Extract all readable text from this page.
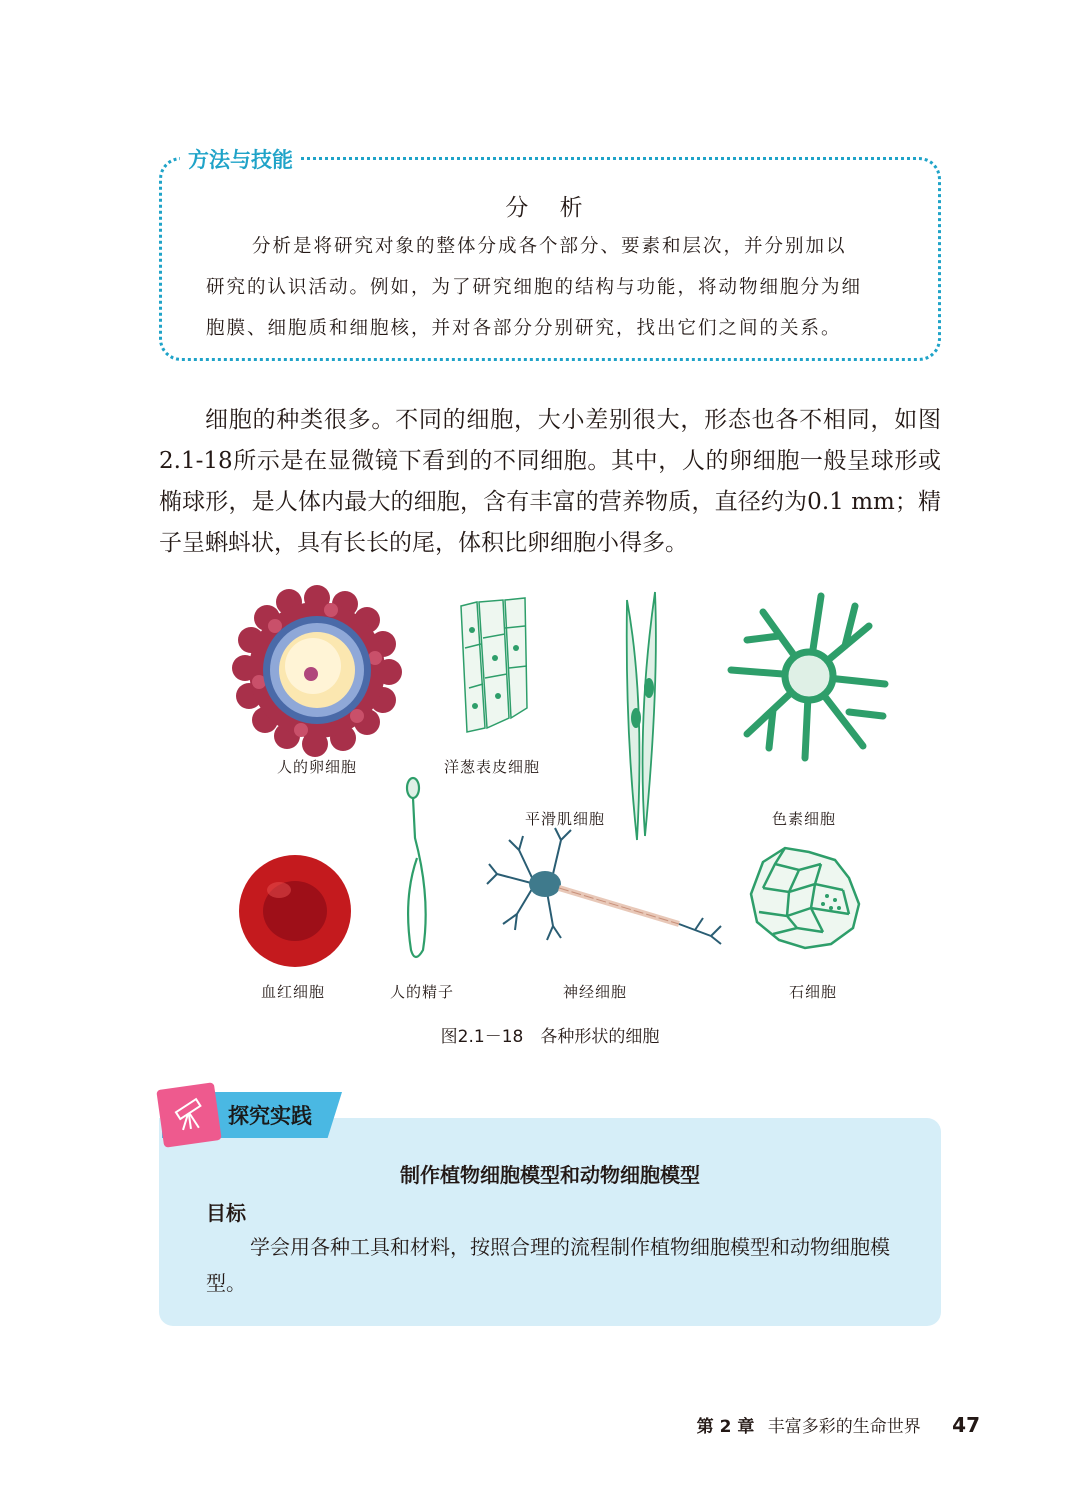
方法与技能
分 析

分析是将研究对象的整体分成各个部分、要素和层次，并分别加以

研究的认识活动。例如，为了研究细胞的结构与功能，将动物细胞分为细

胞膜、细胞质和细胞核，并对各部分分别研究，找出它们之间的关系。

细胞的种类很多。不同的细胞，大小差别很大，形态也各不相同，如图2.1-18所示是在显微镜下看到的不同细胞。其中，人的卵细胞一般呈球形或椭球形，是人体内最大的细胞，含有丰富的营养物质，直径约为0.1 mm；精子呈蝌蚪状，具有长长的尾，体积比卵细胞小得多。

人的卵细胞	洋葱表皮细胞
平滑肌细胞	色素细胞
血红细胞	人的精子	神经细胞	石细胞
图2.1－18　各种形状的细胞
探究实践
制作植物细胞模型和动物细胞模型
目标

学会用各种工具和材料，按照合理的流程制作植物细胞模型和动物细胞模型。

第 2 章 丰富多彩的生命世界 47
